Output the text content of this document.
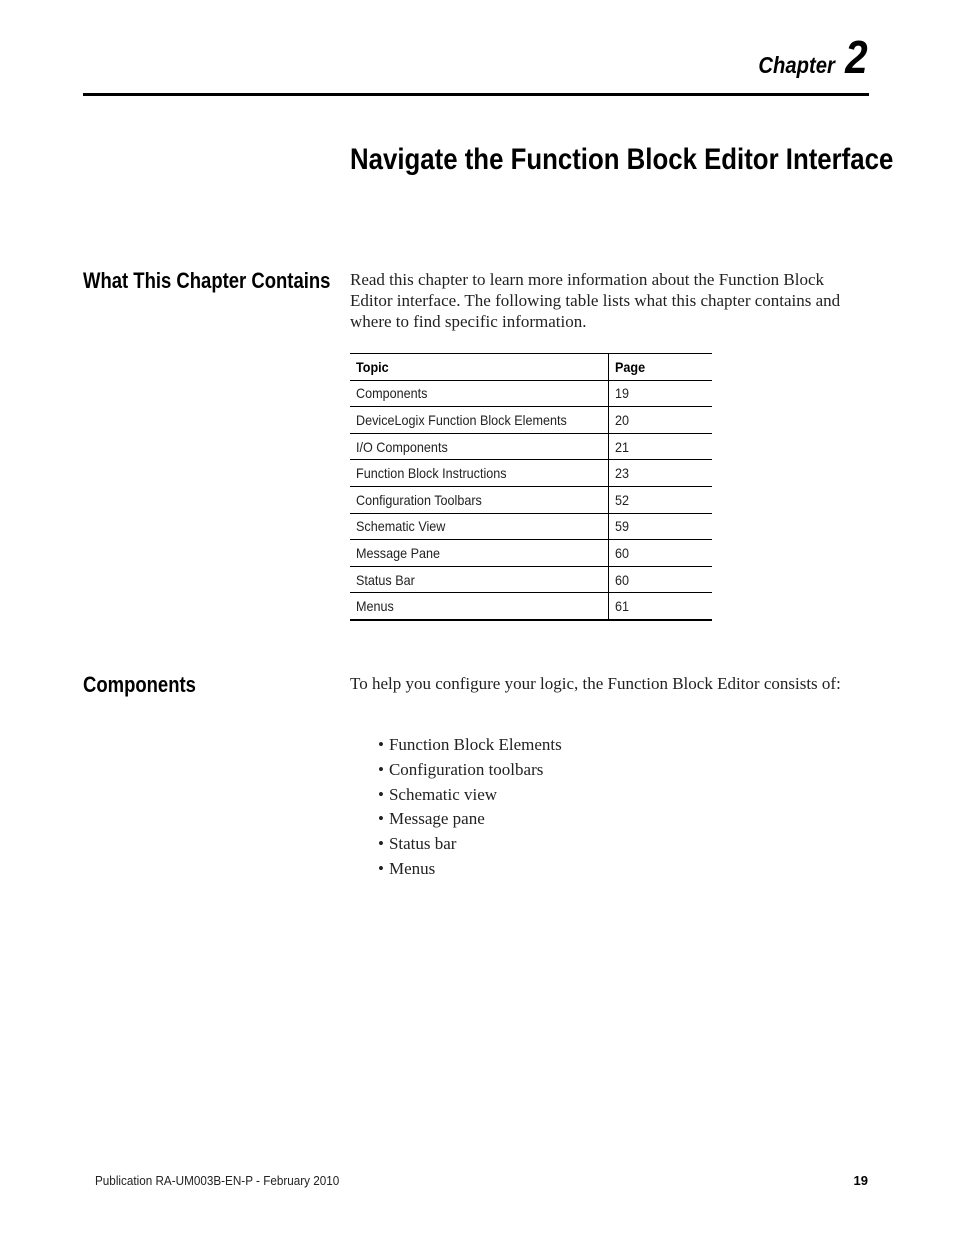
Chapter 2
Navigate the Function Block Editor Interface
What This Chapter Contains Read this chapter to learn more information about the Function Block Editor interface. The following table lists what this chapter contains and where to find specific information.

Topic	Page
Components	19
DeviceLogix Function Block Elements	20
I/O Components	21
Function Block Instructions	23
Configuration Toolbars	52
Schematic View	59
Message Pane	60
Status Bar	60
Menus	61
Components	To help you configure your logic, the Function Block Editor consists of:

• Function Block Elements
• Configuration toolbars
• Schematic view
• Message pane
• Status bar
• Menus
Publication RA-UM003B-EN-P - February 2010	19
